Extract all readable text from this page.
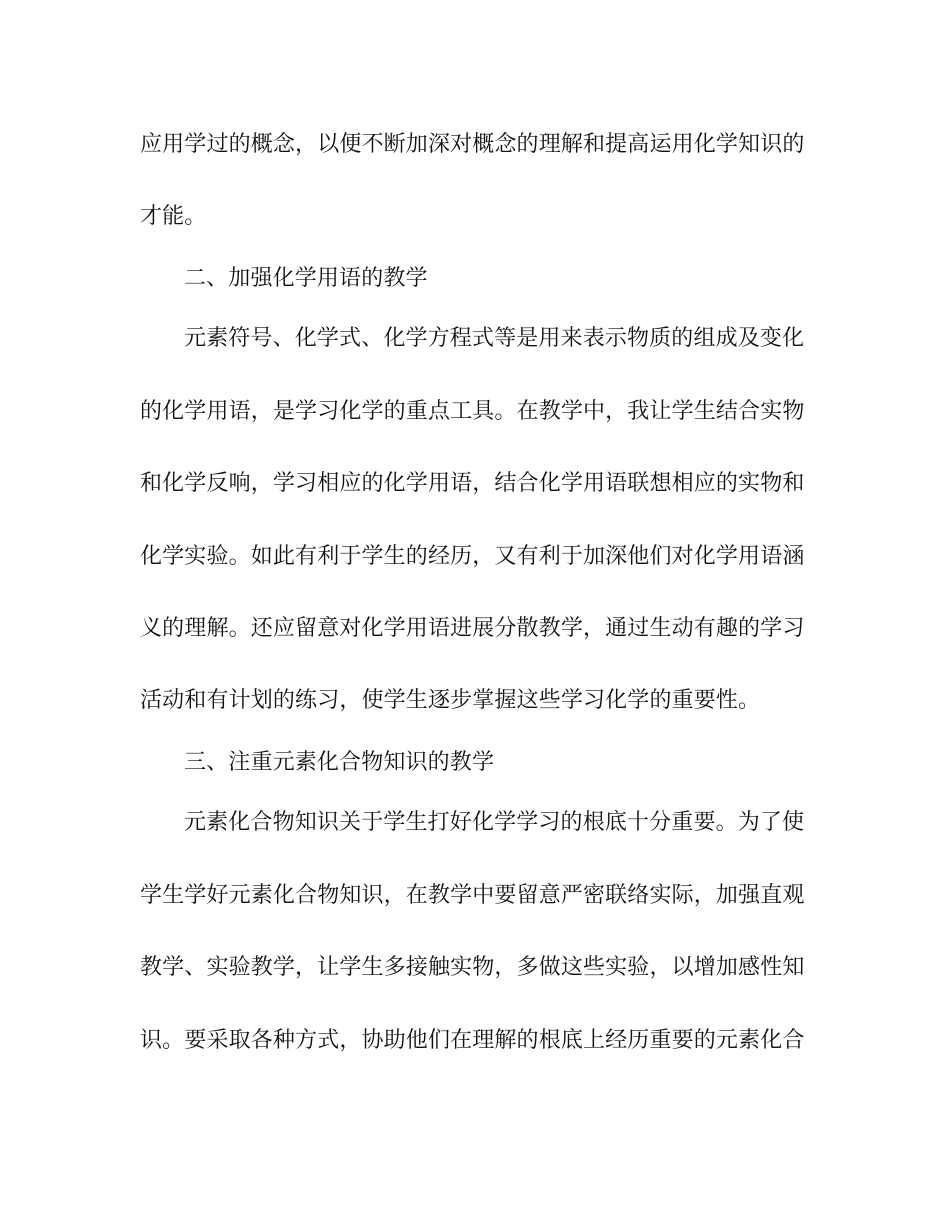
应用学过的概念，以便不断加深对概念的理解和提高运用化学知识的
才能。
二、加强化学用语的教学
元素符号、化学式、化学方程式等是用来表示物质的组成及变化
的化学用语，是学习化学的重点工具。在教学中，我让学生结合实物
和化学反响，学习相应的化学用语，结合化学用语联想相应的实物和
化学实验。如此有利于学生的经历，又有利于加深他们对化学用语涵
义的理解。还应留意对化学用语进展分散教学，通过生动有趣的学习
活动和有计划的练习，使学生逐步掌握这些学习化学的重要性。
三、注重元素化合物知识的教学
元素化合物知识关于学生打好化学学习的根底十分重要。为了使
学生学好元素化合物知识，在教学中要留意严密联络实际，加强直观
教学、实验教学，让学生多接触实物，多做这些实验，以增加感性知
识。要采取各种方式，协助他们在理解的根底上经历重要的元素化合
